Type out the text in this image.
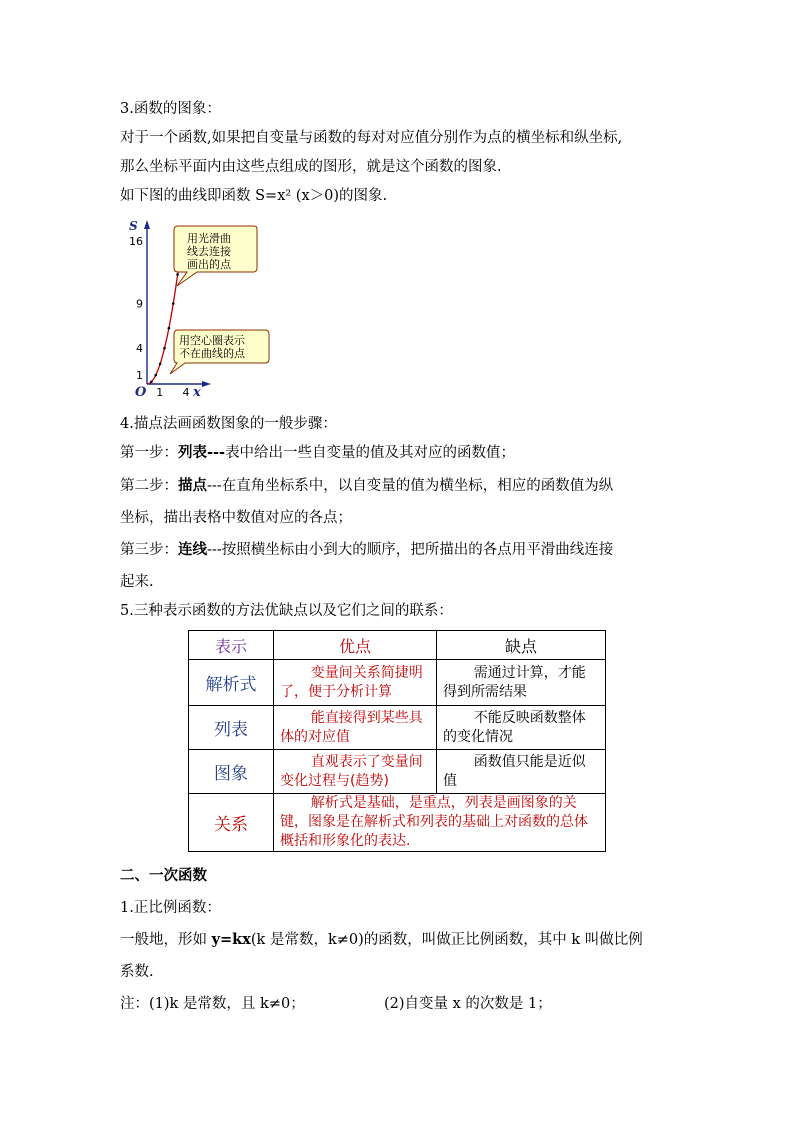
3.函数的图象：
对于一个函数,如果把自变量与函数的每对对应值分别作为点的横坐标和纵坐标,
那么坐标平面内由这些点组成的图形，就是这个函数的图象.
如下图的曲线即函数 S=x² (x＞0)的图象.
S
x
O
16
9
4
1
1 4
用光滑曲
线去连接
画出的点
用空心圈表示
不在曲线的点
4.描点法画函数图象的一般步骤：
第一步：列表---表中给出一些自变量的值及其对应的函数值；
第二步：描点---在直角坐标系中，以自变量的值为横坐标，相应的函数值为纵
坐标，描出表格中数值对应的各点；
第三步：连线---按照横坐标由小到大的顺序，把所描出的各点用平滑曲线连接
起来.
5.三种表示函数的方法优缺点以及它们之间的联系：
表示	优点	缺点
解析式	变量间关系简捷明了，便于分析计算	需通过计算，才能得到所需结果
列表	能直接得到某些具体的对应值	不能反映函数整体的变化情况
图象	直观表示了变量间变化过程与(趋势)	函数值只能是近似值
关系	解析式是基础，是重点，列表是画图象的关键，图象是在解析式和列表的基础上对函数的总体概括和形象化的表达.	
二、一次函数
1.正比例函数：
一般地，形如 y=kx(k 是常数，k≠0)的函数，叫做正比例函数，其中 k 叫做比例
系数.
注：(1)k 是常数，且 k≠0；	(2)自变量 x 的次数是 1；
